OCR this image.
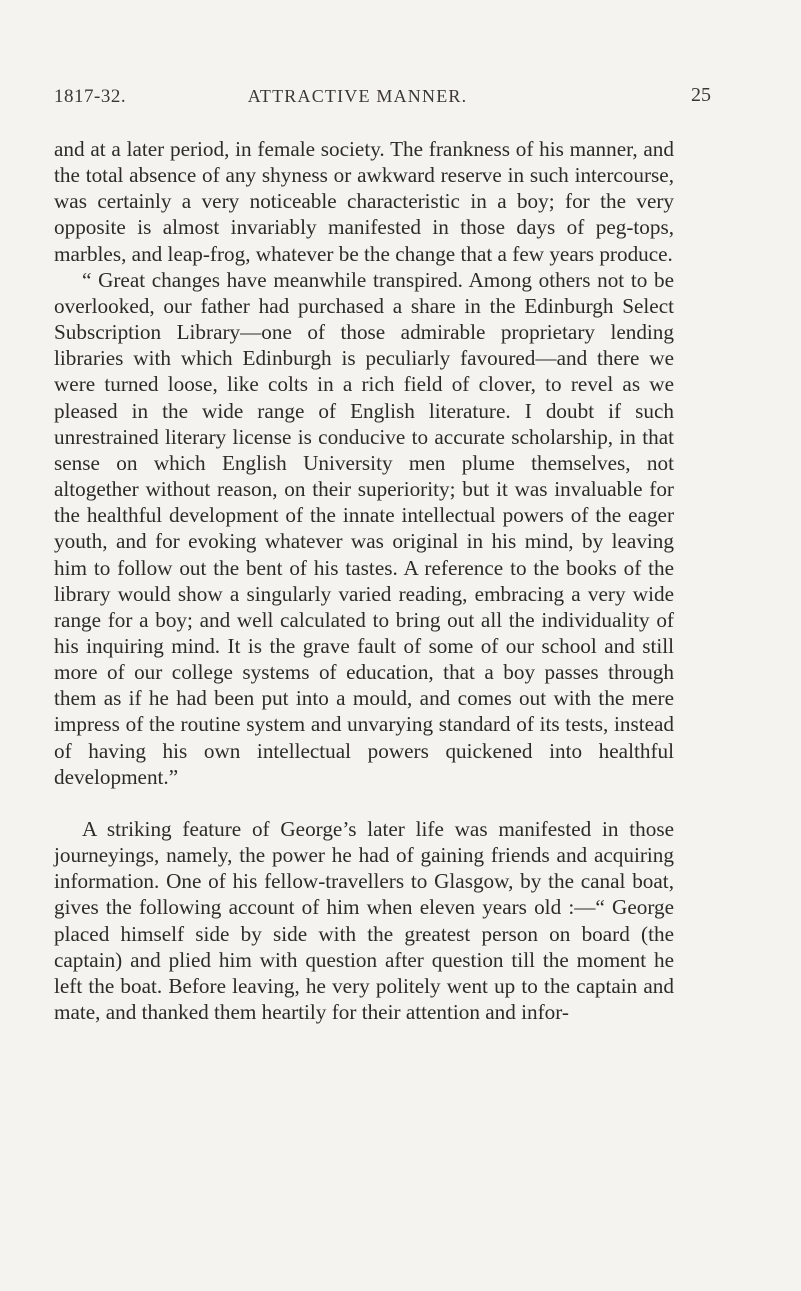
1817-32.	ATTRACTIVE MANNER.	25

and at a later period, in female society. The frankness of his manner, and the total absence of any shyness or awkward reserve in such intercourse, was certainly a very noticeable characteristic in a boy; for the very opposite is almost invariably manifested in those days of peg-tops, marbles, and leap-frog, whatever be the change that a few years produce.

“ Great changes have meanwhile transpired. Among others not to be overlooked, our father had purchased a share in the Edinburgh Select Subscription Library—one of those admirable proprietary lending libraries with which Edinburgh is peculiarly favoured—and there we were turned loose, like colts in a rich field of clover, to revel as we pleased in the wide range of English literature. I doubt if such unrestrained literary license is conducive to accurate scholarship, in that sense on which English University men plume themselves, not altogether without reason, on their superiority; but it was invaluable for the healthful development of the innate intellectual powers of the eager youth, and for evoking whatever was original in his mind, by leaving him to follow out the bent of his tastes. A reference to the books of the library would show a singularly varied reading, embracing a very wide range for a boy; and well calculated to bring out all the individuality of his inquiring mind. It is the grave fault of some of our school and still more of our college systems of education, that a boy passes through them as if he had been put into a mould, and comes out with the mere impress of the routine system and unvarying standard of its tests, instead of having his own intellectual powers quickened into healthful development.”

A striking feature of George’s later life was manifested in those journeyings, namely, the power he had of gaining friends and acquiring information. One of his fellow-travellers to Glasgow, by the canal boat, gives the following account of him when eleven years old :—“ George placed himself side by side with the greatest person on board (the captain) and plied him with question after question till the moment he left the boat. Before leaving, he very politely went up to the captain and mate, and thanked them heartily for their attention and infor-
